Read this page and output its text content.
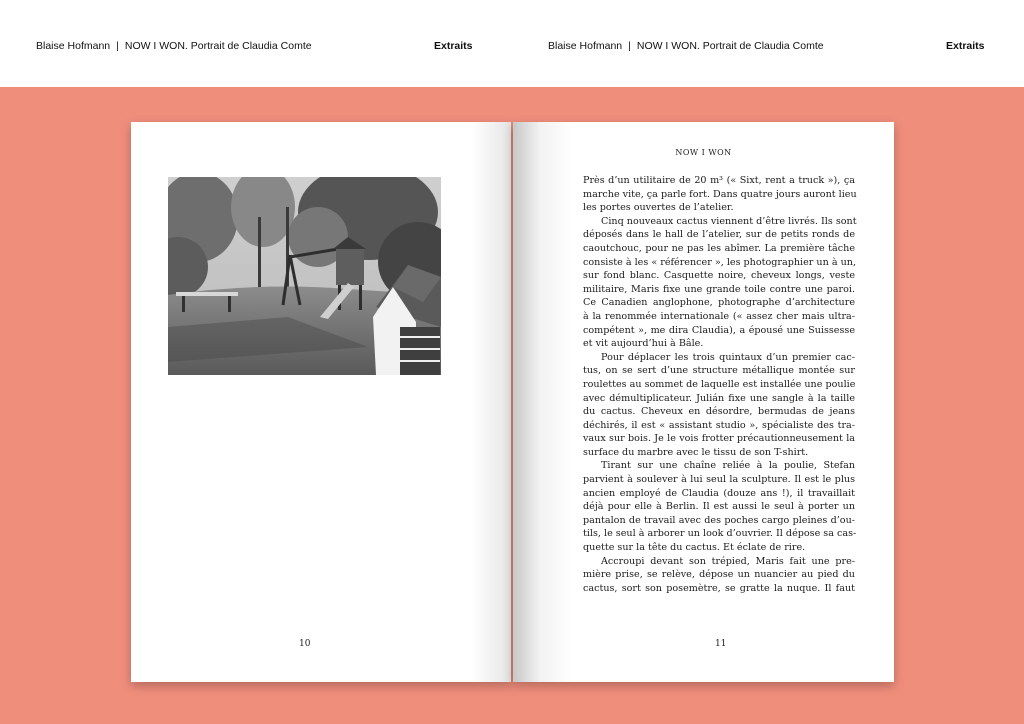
Blaise Hofmann | NOW I WON. Portrait de Claudia Comte	Extraits	Blaise Hofmann | NOW I WON. Portrait de Claudia Comte	Extraits
10
NOW I WON
Près d’un utilitaire de 20 m³ (« Sixt, rent a truck »), ça
marche vite, ça parle fort. Dans quatre jours auront lieu
les portes ouvertes de l’atelier.
Cinq nouveaux cactus viennent d’être livrés. Ils sont
déposés dans le hall de l’atelier, sur de petits ronds de
caoutchouc, pour ne pas les abîmer. La première tâche
consiste à les « référencer », les photographier un à un,
sur fond blanc. Casquette noire, cheveux longs, veste
militaire, Maris fixe une grande toile contre une paroi.
Ce Canadien anglophone, photographe d’architecture
à la renommée internationale (« assez cher mais ultra-
compétent », me dira Claudia), a épousé une Suissesse
et vit aujourd’hui à Bâle.
Pour déplacer les trois quintaux d’un premier cac-
tus, on se sert d’une structure métallique montée sur
roulettes au sommet de laquelle est installée une poulie
avec démultiplicateur. Julián fixe une sangle à la taille
du cactus. Cheveux en désordre, bermudas de jeans
déchirés, il est « assistant studio », spécialiste des tra-
vaux sur bois. Je le vois frotter précautionneusement la
surface du marbre avec le tissu de son T-shirt.
Tirant sur une chaîne reliée à la poulie, Stefan
parvient à soulever à lui seul la sculpture. Il est le plus
ancien employé de Claudia (douze ans !), il travaillait
déjà pour elle à Berlin. Il est aussi le seul à porter un
pantalon de travail avec des poches cargo pleines d’ou-
tils, le seul à arborer un look d’ouvrier. Il dépose sa cas-
quette sur la tête du cactus. Et éclate de rire.
Accroupi devant son trépied, Maris fait une pre-
mière prise, se relève, dépose un nuancier au pied du
cactus, sort son posemètre, se gratte la nuque. Il faut
11
